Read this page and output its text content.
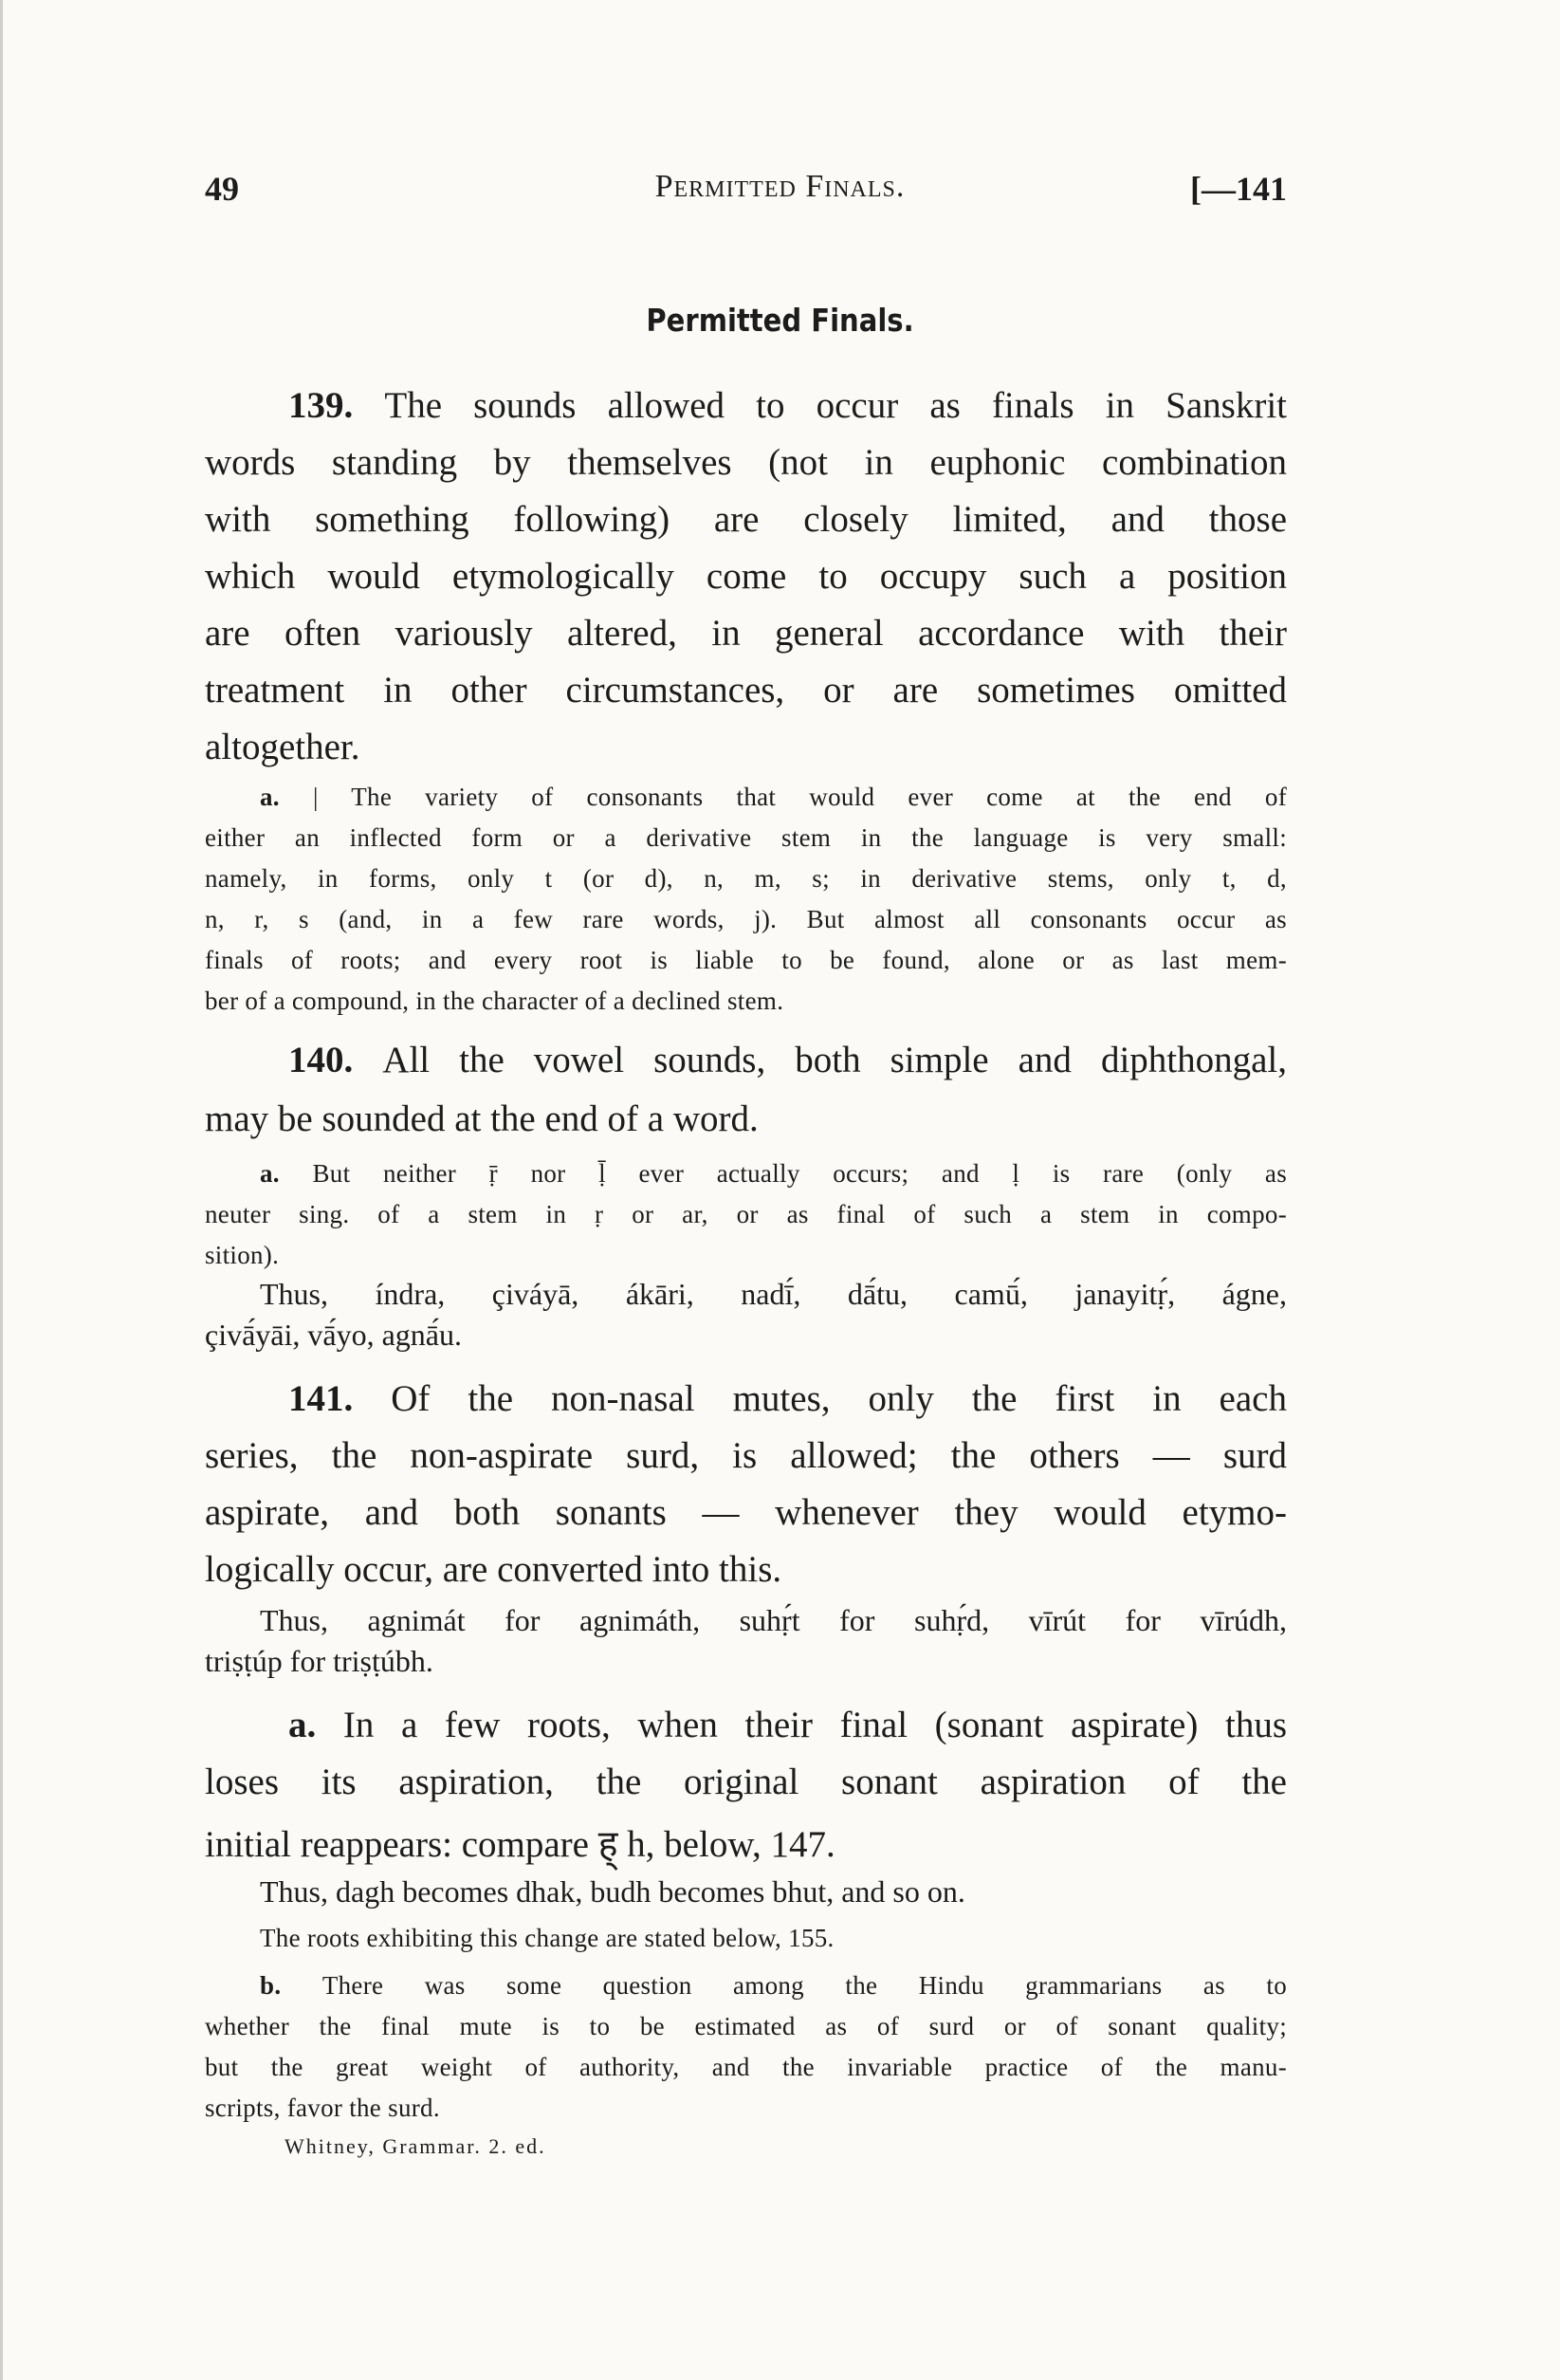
49	Permitted Finals.	[—141
Permitted Finals.
139. The sounds allowed to occur as finals in Sanskrit
words standing by themselves (not in euphonic combination
with something following) are closely limited, and those
which would etymologically come to occupy such a position
are often variously altered, in general accordance with their
treatment in other circumstances, or are sometimes omitted
altogether.
a. | The variety of consonants that would ever come at the end of
either an inflected form or a derivative stem in the language is very small:
namely, in forms, only t (or d), n, m, s; in derivative stems, only t, d,
n, r, s (and, in a few rare words, j). But almost all consonants occur as
finals of roots; and every root is liable to be found, alone or as last mem-
ber of a compound, in the character of a declined stem.
140. All the vowel sounds, both simple and diphthongal,
may be sounded at the end of a word.
a. But neither ṝ nor ḹ ever actually occurs; and ḷ is rare (only as
neuter sing. of a stem in ṛ or ar, or as final of such a stem in compo-
sition).
Thus, índra, çiváyā, ákāri, nadī́, dā́tu, camū́, janayitṛ́, ágne,
çivā́yāi, vā́yo, agnā́u.
141. Of the non-nasal mutes, only the first in each
series, the non-aspirate surd, is allowed; the others — surd
aspirate, and both sonants — whenever they would etymo-
logically occur, are converted into this.
Thus, agnimát for agnimáth, suhṛ́t for suhṛ́d, vīrút for vīrúdh,
triṣṭúp for triṣṭúbh.
a. In a few roots, when their final (sonant aspirate) thus
loses its aspiration, the original sonant aspiration of the
initial reappears: compare ह् h, below, 147.
Thus, dagh becomes dhak, budh becomes bhut, and so on.
The roots exhibiting this change are stated below, 155.
b. There was some question among the Hindu grammarians as to
whether the final mute is to be estimated as of surd or of sonant quality;
but the great weight of authority, and the invariable practice of the manu-
scripts, favor the surd.
Whitney, Grammar. 2. ed.
